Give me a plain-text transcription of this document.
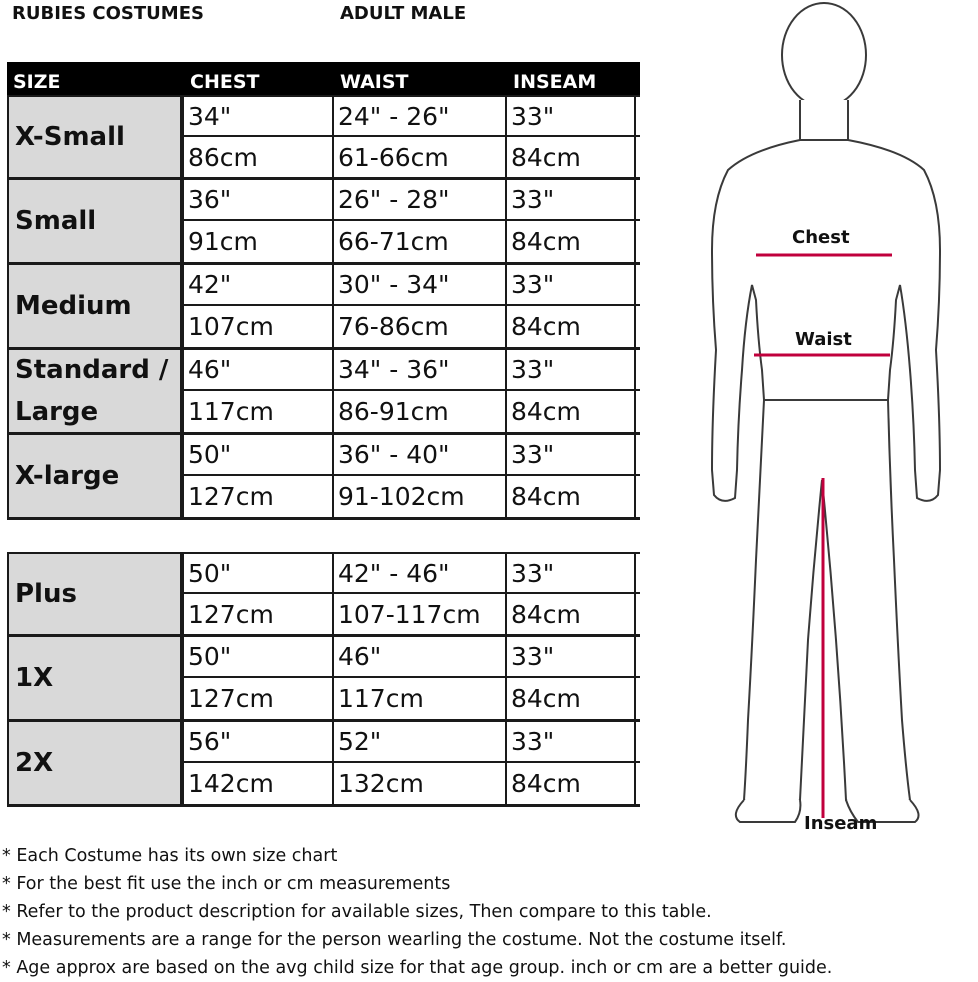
RUBIES COSTUMES	ADULT MALE
SIZE	CHEST	WAIST	INSEAM
X-Small
34"	24" - 26"	33"
86cm	61-66cm	84cm
Small
36"	26" - 28"	33"
91cm	66-71cm	84cm
Medium
42"	30" - 34"	33"
107cm	76-86cm	84cm
Standard / Large
46"	34" - 36"	33"
117cm	86-91cm	84cm
X-large
50"	36" - 40"	33"
127cm	91-102cm	84cm
Plus
50"	42" - 46"	33"
127cm	107-117cm	84cm
1X
50"	46"	33"
127cm	117cm	84cm
2X
56"	52"	33"
142cm	132cm	84cm
Chest
Waist
Inseam
* Each Costume has its own size chart
* For the best fit use the inch or cm measurements
* Refer to the product description for available sizes, Then compare to this table.
* Measurements are a range for the person wearling the costume. Not the costume itself.
* Age approx are based on the avg child size for that age group. inch or cm are a better guide.
